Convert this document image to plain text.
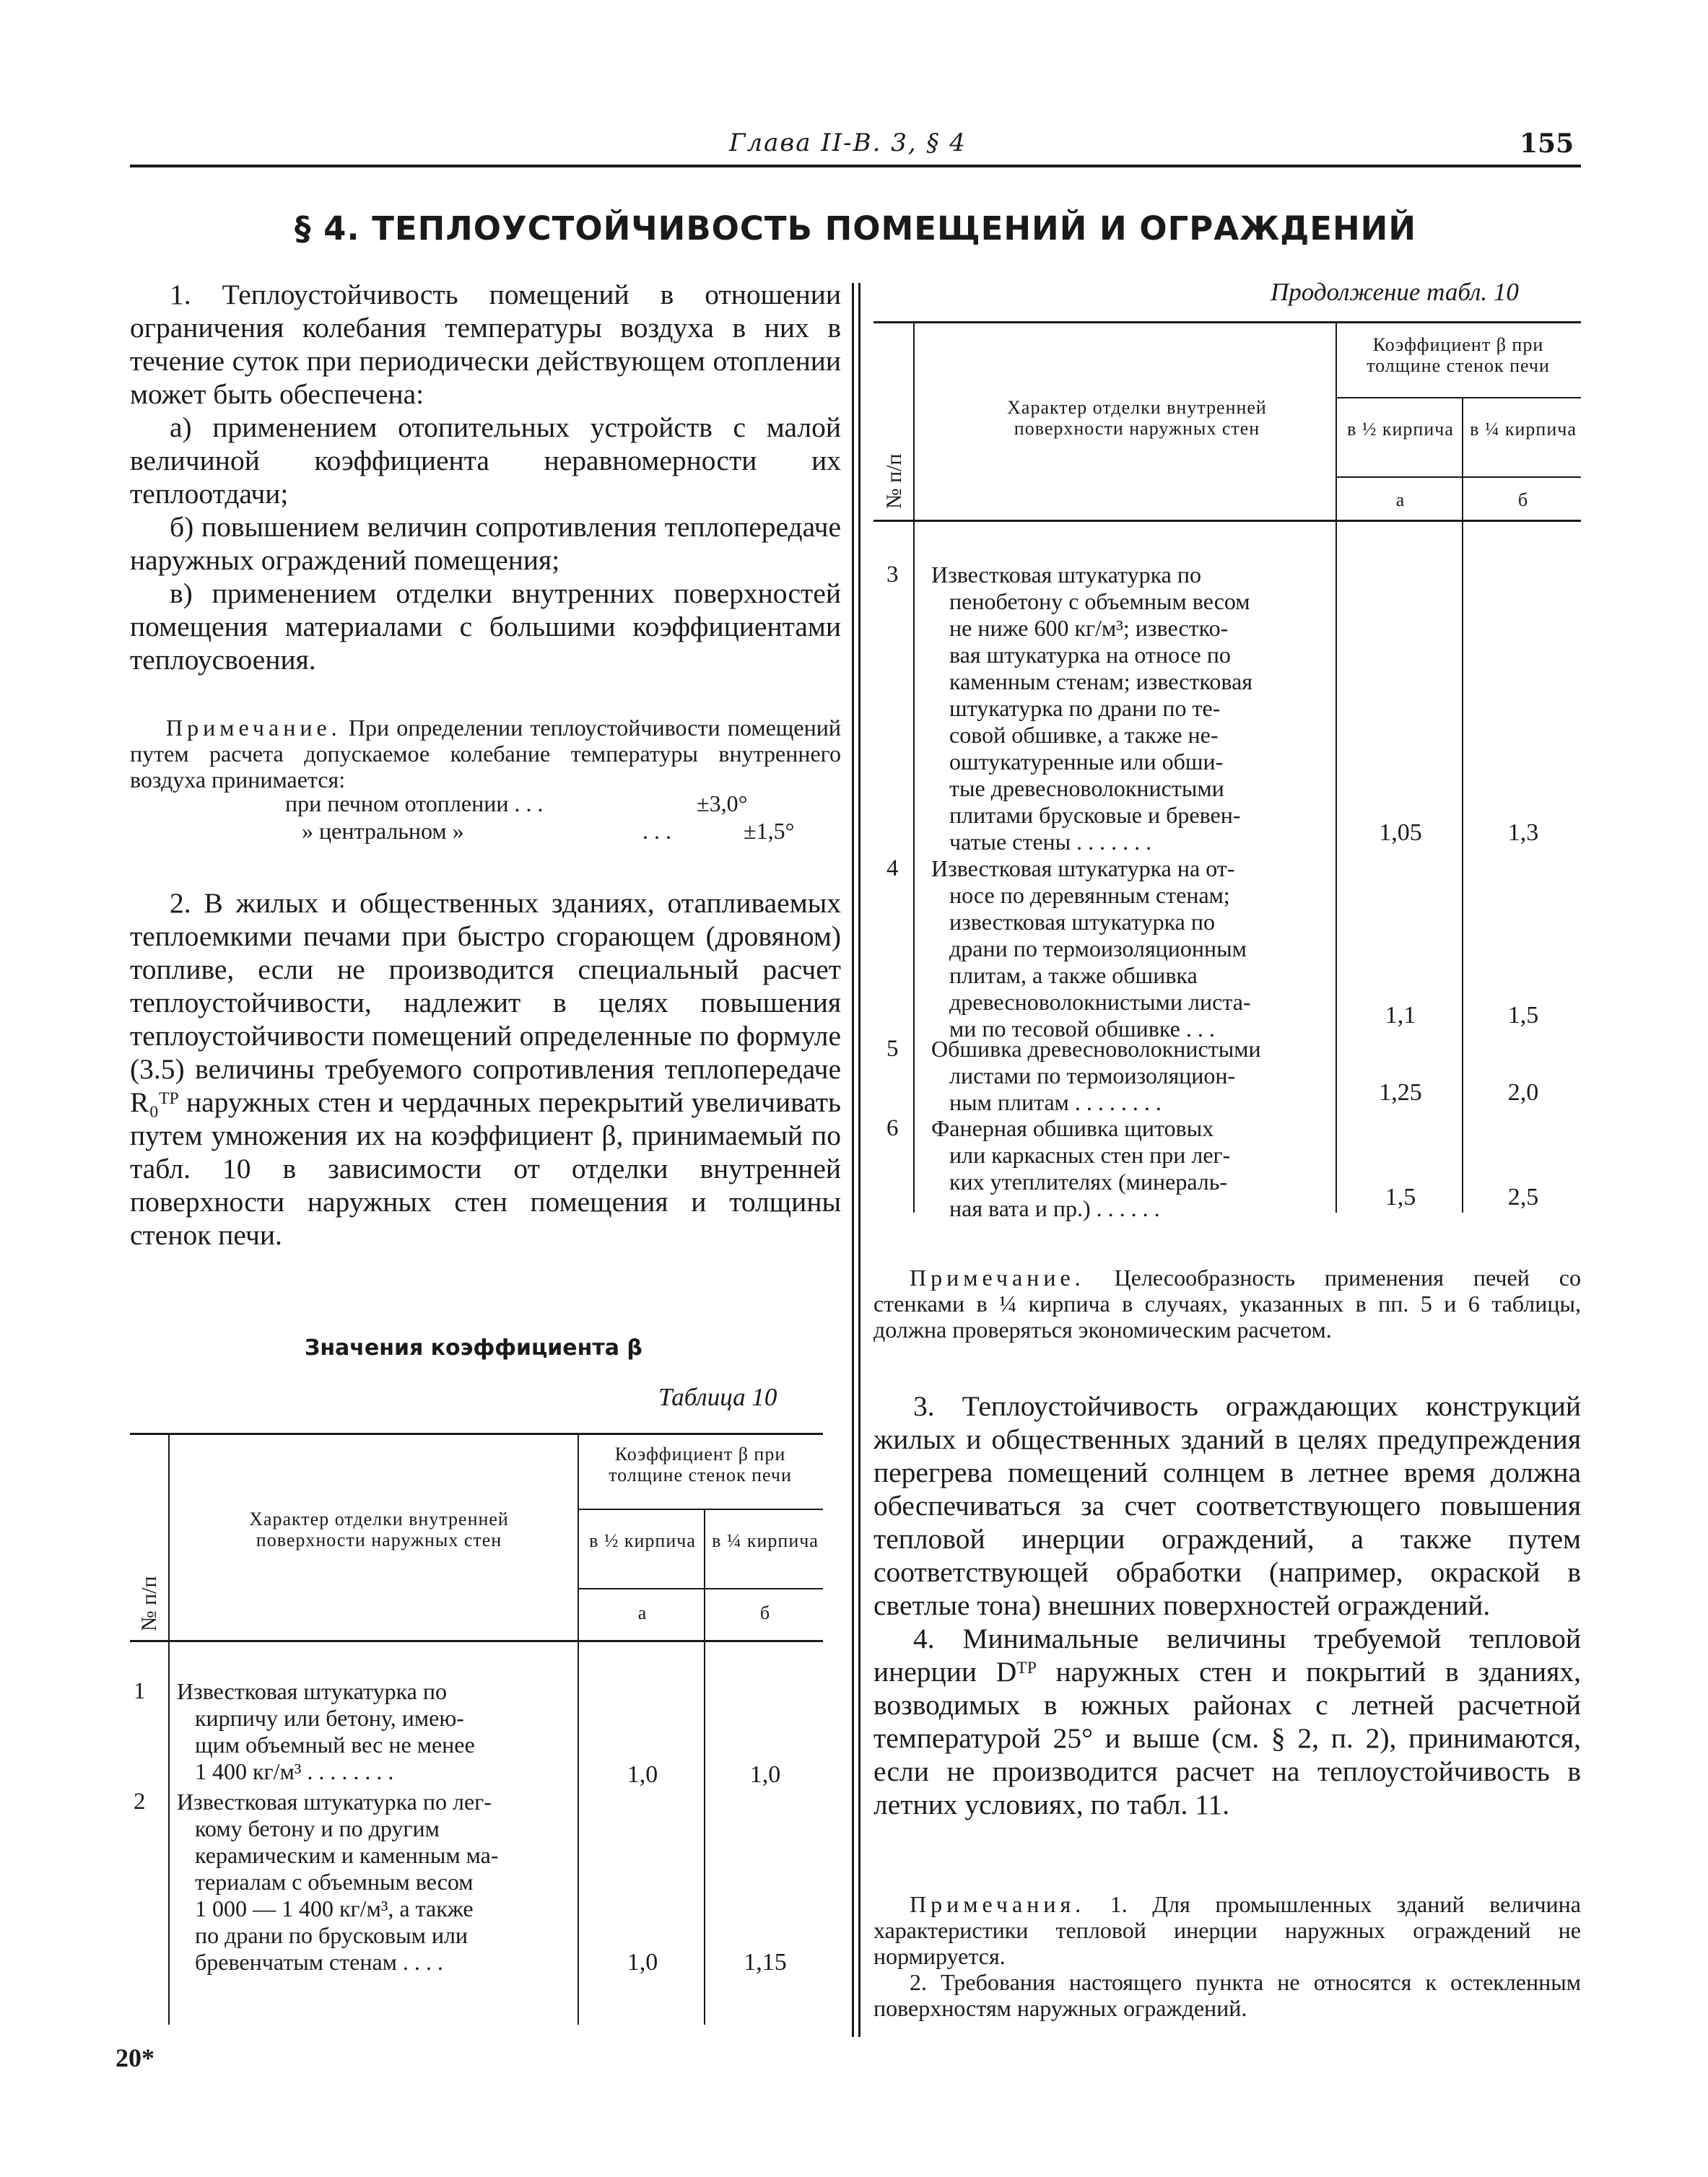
Глава II-B. 3, § 4	155
§ 4. ТЕПЛОУСТОЙЧИВОСТЬ ПОМЕЩЕНИЙ И ОГРАЖДЕНИЙ

1. Теплоустойчивость помещений в отношении ограничения колебания температуры воздуха в них в течение суток при периодически действующем отоплении может быть обеспечена:

а) применением отопительных устройств с малой величиной коэффициента неравномерности их теплоотдачи;

б) повышением величин сопротивления теплопередаче наружных ограждений помещения;

в) применением отделки внутренних поверхностей помещения материалами с большими коэффициентами теплоусвоения.

Примечание. При определении теплоустойчивости помещений путем расчета допускаемое колебание температуры внутреннего воздуха принимается:
при печном отоплении . . .	±3,0°
» центральном »	. . .	±1,5°

2. В жилых и общественных зданиях, отапливаемых теплоемкими печами при быстро сгорающем (дровяном) топливе, если не производится специальный расчет теплоустойчивости, надлежит в целях повышения теплоустойчивости помещений определенные по формуле (3.5) величины требуемого сопротивления теплопередаче R₀ᵀᴾ наружных стен и чердачных перекрытий увеличивать путем умножения их на коэффициент β, принимаемый по табл. 10 в зависимости от отделки внутренней поверхности наружных стен помещения и толщины стенок печи.

Значения коэффициента β
Таблица 10
№ п/п
Характер отделки внутренней поверхности наружных стен
Коэффициент β при толщине стенок печи
в ½ кирпича в ¼ кирпича
а	б
1 Известковая штукатурка по
кирпичу или бетону, имею-
щим объемный вес не менее
1 400 кг/м³ . . . . . . . .	1,0	1,0
2 Известковая штукатурка по лег-
кому бетону и по другим
керамическим и каменным ма-
териалам с объемным весом
1 000 — 1 400 кг/м³, а также
по драни по брусковым или
бревенчатым стенам . . . .	1,0	1,15
20*
Продолжение табл. 10
№ п/п
Характер отделки внутренней поверхности наружных стен
Коэффициент β при толщине стенок печи
в ½ кирпича в ¼ кирпича
а	б
3 Известковая штукатурка по
пенобетону с объемным весом
не ниже 600 кг/м³; известко-
вая штукатурка на относе по
каменным стенам; известковая
штукатурка по драни по те-
совой обшивке, а также не-
оштукатуренные или обши-
тые древесноволокнистыми
плитами брусковые и бревен-
чатые стены . . . . . . .	1,05	1,3
4 Известковая штукатурка на от-
носе по деревянным стенам;
известковая штукатурка по
драни по термоизоляционным
плитам, а также обшивка
древесноволокнистыми листа-
ми по тесовой обшивке . . .	1,1	1,5
5 Обшивка древесноволокнистыми
листами по термоизоляцион-
ным плитам . . . . . . . .	1,25	2,0
6 Фанерная обшивка щитовых
или каркасных стен при лег-
ких утеплителях (минераль-
ная вата и пр.) . . . . . .	1,5	2,5
Примечание. Целесообразность применения печей со стенками в ¼ кирпича в случаях, указанных в пп. 5 и 6 таблицы, должна проверяться экономическим расчетом.

3. Теплоустойчивость ограждающих конструкций жилых и общественных зданий в целях предупреждения перегрева помещений солнцем в летнее время должна обеспечиваться за счет соответствующего повышения тепловой инерции ограждений, а также путем соответствующей обработки (например, окраской в светлые тона) внешних поверхностей ограждений.

4. Минимальные величины требуемой тепловой инерции Dᵀᴾ наружных стен и покрытий в зданиях, возводимых в южных районах с летней расчетной температурой 25° и выше (см. § 2, п. 2), принимаются, если не производится расчет на теплоустойчивость в летних условиях, по табл. 11.

Примечания. 1. Для промышленных зданий величина характеристики тепловой инерции наружных ограждений не нормируется.
2. Требования настоящего пункта не относятся к остекленным поверхностям наружных ограждений.
